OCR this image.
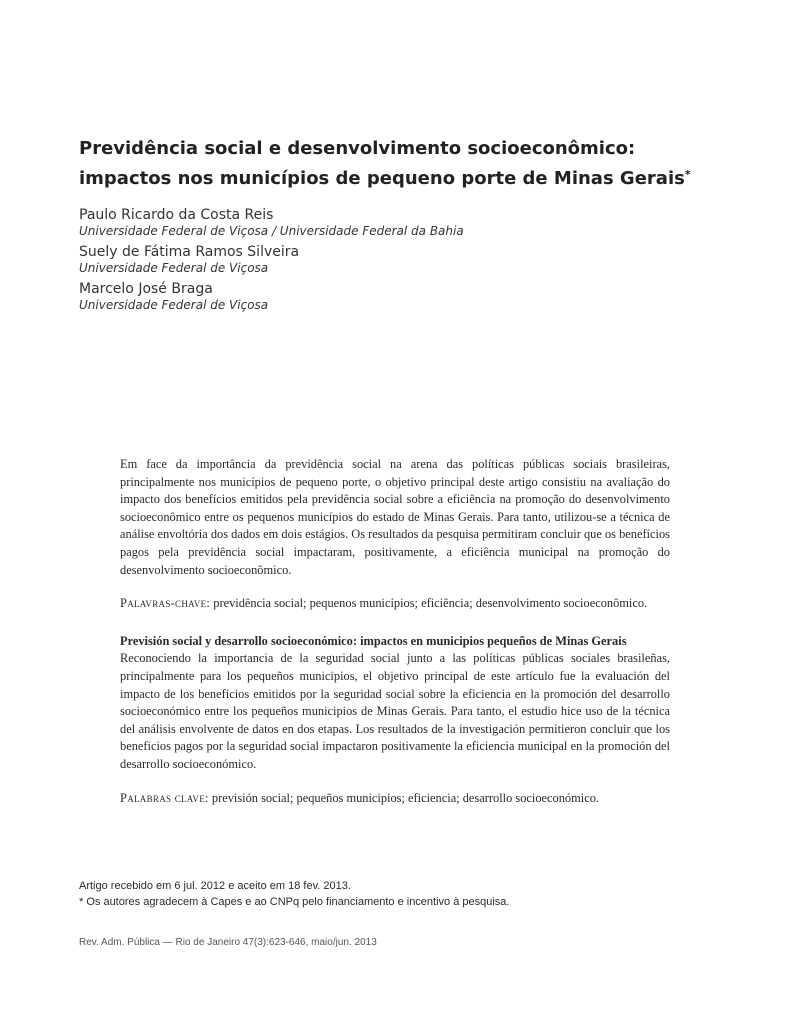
Previdência social e desenvolvimento socioeconômico: impactos nos municípios de pequeno porte de Minas Gerais*
Paulo Ricardo da Costa Reis
Universidade Federal de Viçosa / Universidade Federal da Bahia
Suely de Fátima Ramos Silveira
Universidade Federal de Viçosa
Marcelo José Braga
Universidade Federal de Viçosa

Em face da importância da previdência social na arena das políticas públicas sociais brasileiras, principalmente nos municípios de pequeno porte, o objetivo principal deste artigo consistiu na avaliação do impacto dos benefícios emitidos pela previdência social sobre a eficiência na promoção do desenvolvimento socioeconômico entre os pequenos municípios do estado de Minas Gerais. Para tanto, utilizou-se a técnica de análise envoltória dos dados em dois estágios. Os resultados da pesquisa permitiram concluir que os benefícios pagos pela previdência social impactaram, positivamente, a eficiência municipal na promoção do desenvolvimento socioeconômico.

Palavras-chave: previdência social; pequenos municípios; eficiência; desenvolvimento socioeconômico.

Previsión social y desarrollo socioeconómico: impactos en municipios pequeños de Minas Gerais

Reconociendo la importancia de la seguridad social junto a las políticas públicas sociales brasileñas, principalmente para los pequeños municipios, el objetivo principal de este artículo fue la evaluación del impacto de los beneficios emitidos por la seguridad social sobre la eficiencia en la promoción del desarrollo socioeconómico entre los pequeños municipios de Minas Gerais. Para tanto, el estudio hice uso de la técnica del análisis envolvente de datos en dos etapas. Los resultados de la investigación permitieron concluir que los beneficios pagos por la seguridad social impactaron positivamente la eficiencia municipal en la promoción del desarrollo socioeconómico.

Palabras clave: previsión social; pequeños municipios; eficiencia; desarrollo socioeconómico.

Artigo recebido em 6 jul. 2012 e aceito em 18 fev. 2013.

* Os autores agradecem à Capes e ao CNPq pelo financiamento e incentivo à pesquisa.

Rev. Adm. Pública — Rio de Janeiro 47(3):623-646, maio/jun. 2013
